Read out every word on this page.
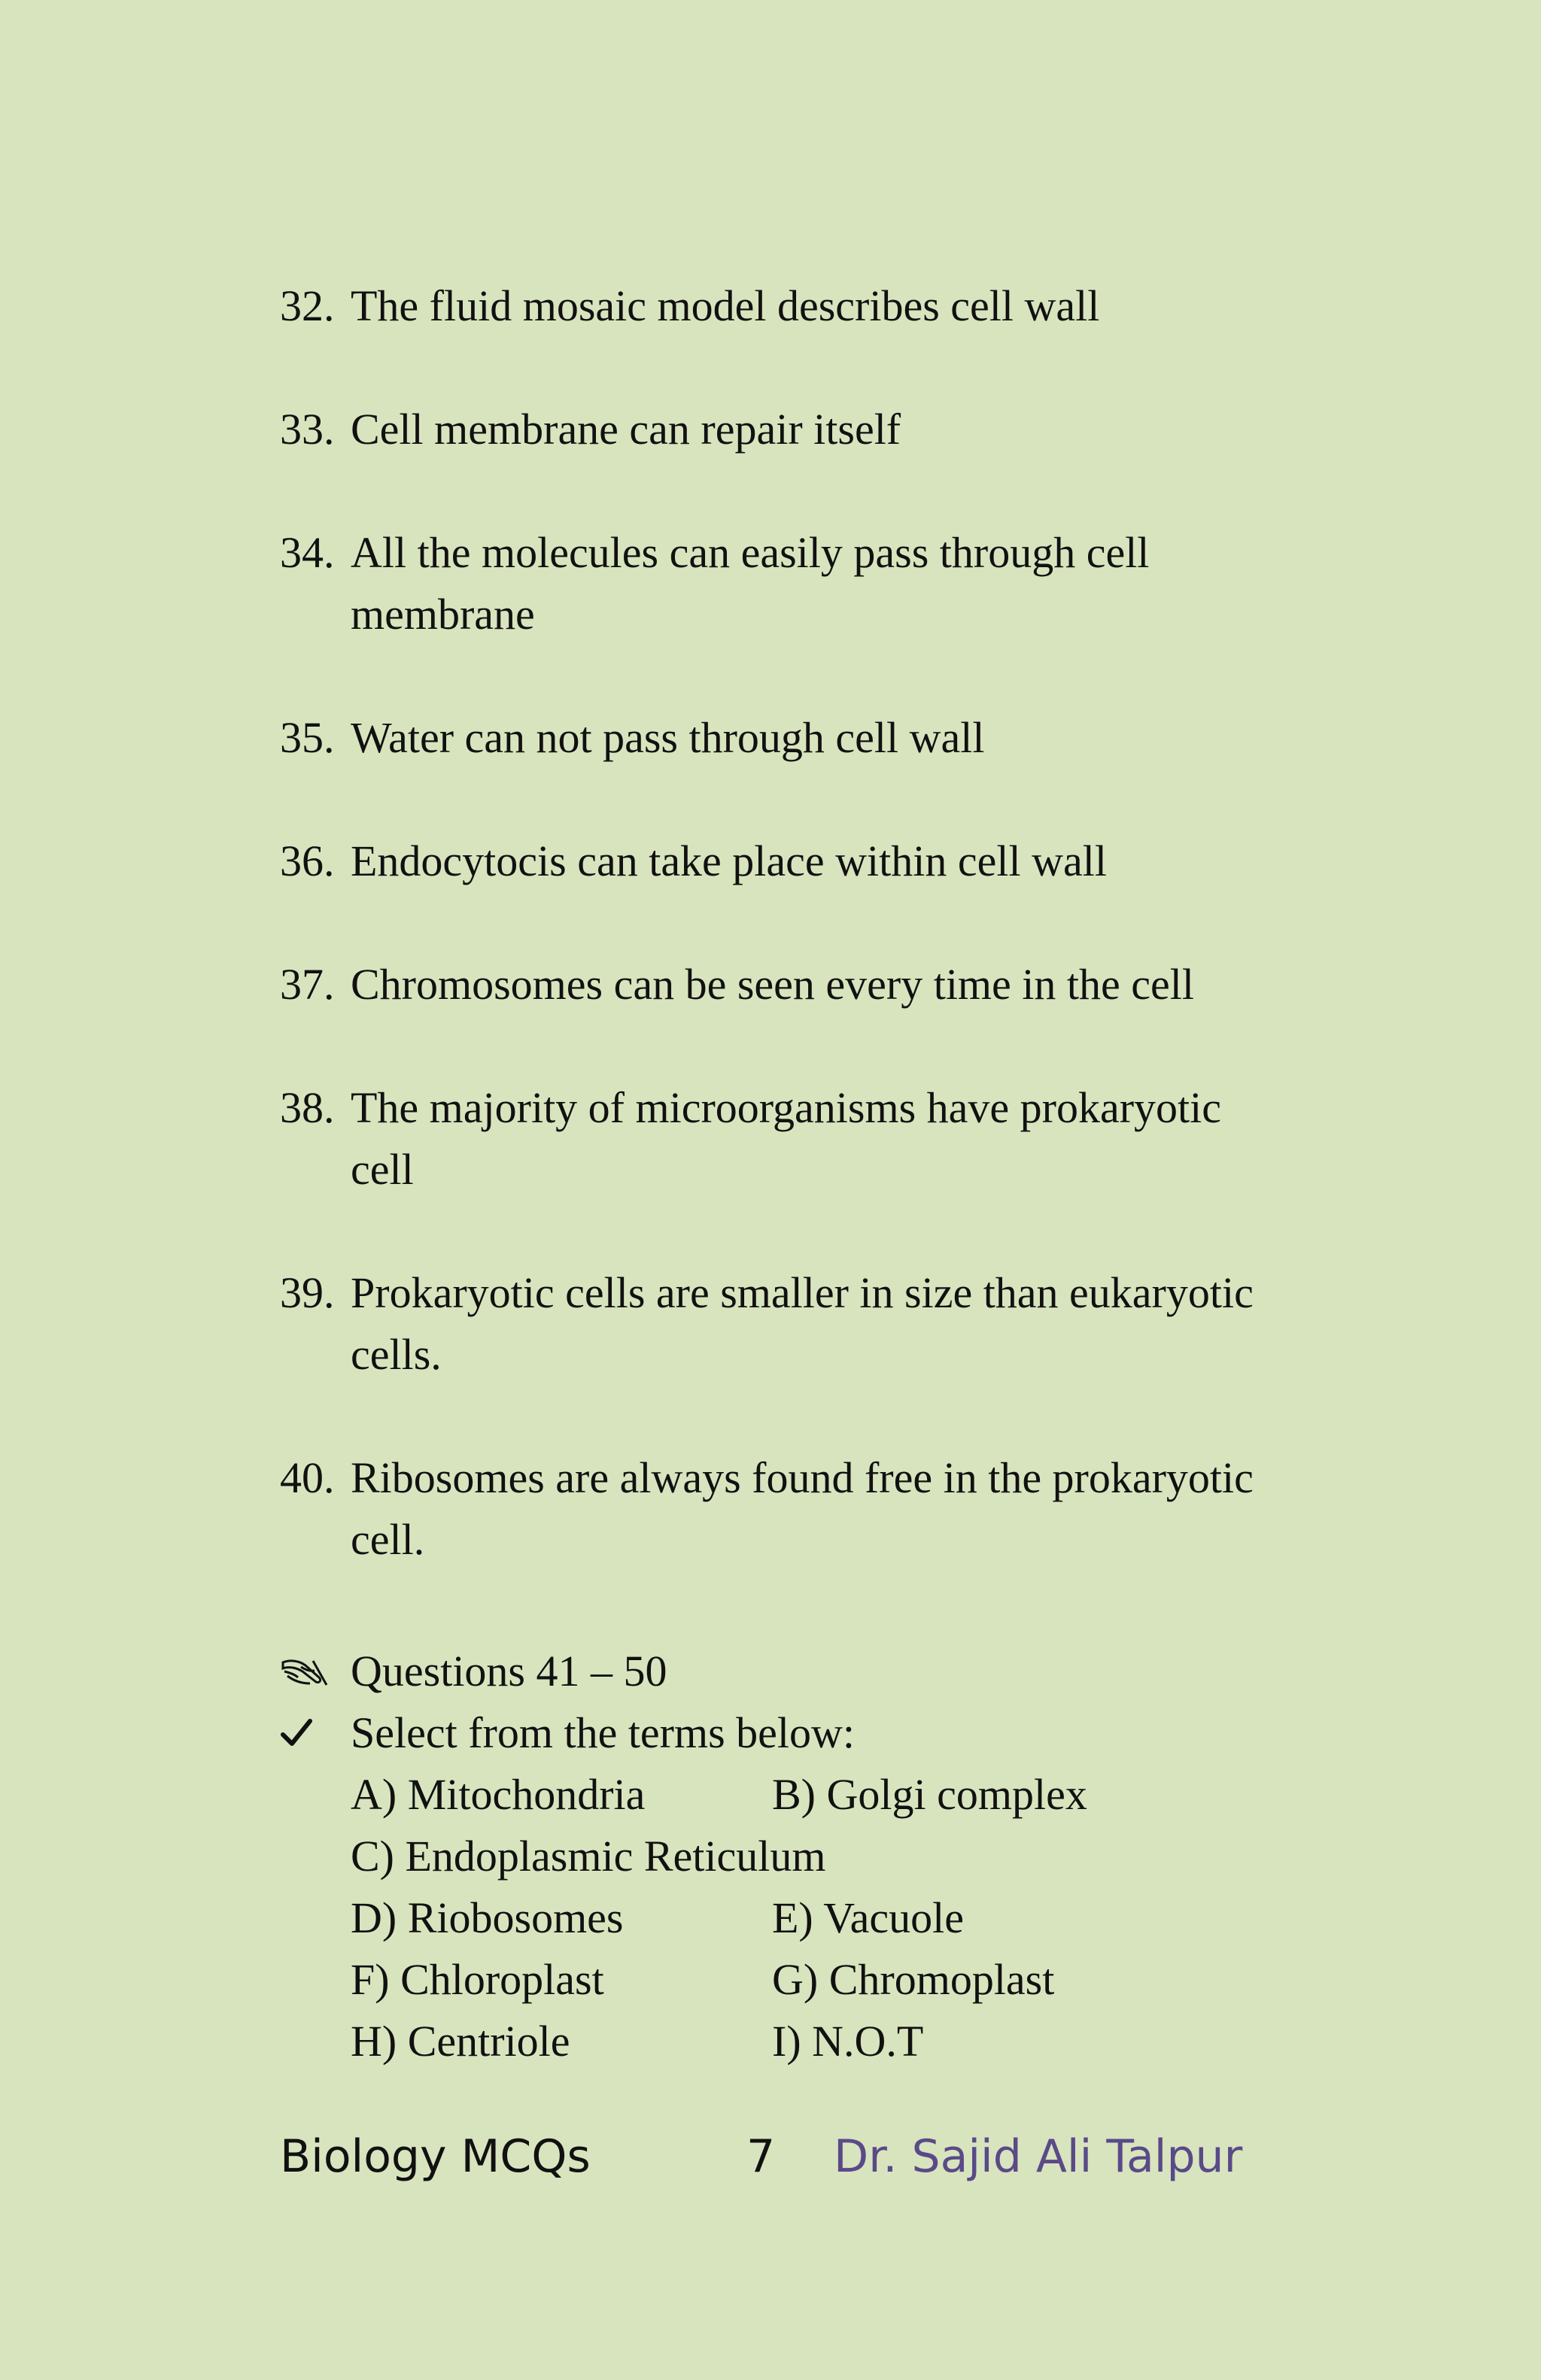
32. The fluid mosaic model describes cell wall
33. Cell membrane can repair itself
34. All the molecules can easily pass through cell membrane
35. Water can not pass through cell wall
36. Endocytocis can take place within cell wall
37. Chromosomes can be seen every time in the cell
38. The majority of microorganisms have prokaryotic cell
39. Prokaryotic cells are smaller in size than eukaryotic cells.
40. Ribosomes are always found free in the prokaryotic cell.
Questions 41 – 50
Select from the terms below:
A) Mitochondria	B) Golgi complex
C) Endoplasmic Reticulum
D) Riobosomes	E) Vacuole
F) Chloroplast	G) Chromoplast
H) Centriole	I) N.O.T
Biology MCQs	7 Dr. Sajid Ali Talpur
